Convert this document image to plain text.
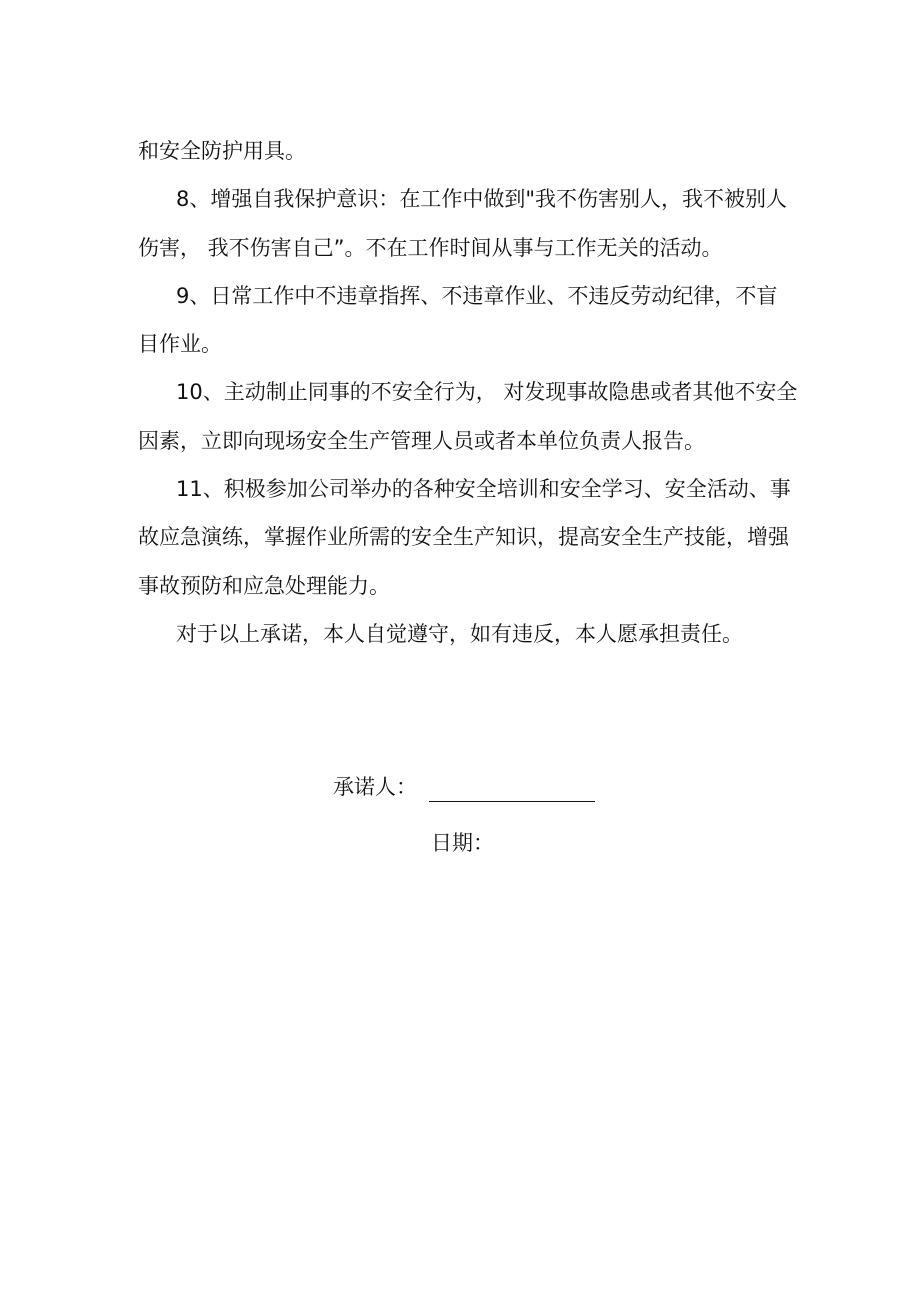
和安全防护用具。

8、增强自我保护意识：在工作中做到"我不伤害别人，我不被别人伤害， 我不伤害自己”。不在工作时间从事与工作无关的活动。

9、日常工作中不违章指挥、不违章作业、不违反劳动纪律，不盲目作业。

10、主动制止同事的不安全行为， 对发现事故隐患或者其他不安全因素，立即向现场安全生产管理人员或者本单位负责人报告。

11、积极参加公司举办的各种安全培训和安全学习、安全活动、事故应急演练，掌握作业所需的安全生产知识，提高安全生产技能，增强事故预防和应急处理能力。

对于以上承诺，本人自觉遵守，如有违反，本人愿承担责任。

承诺人：
日期：
